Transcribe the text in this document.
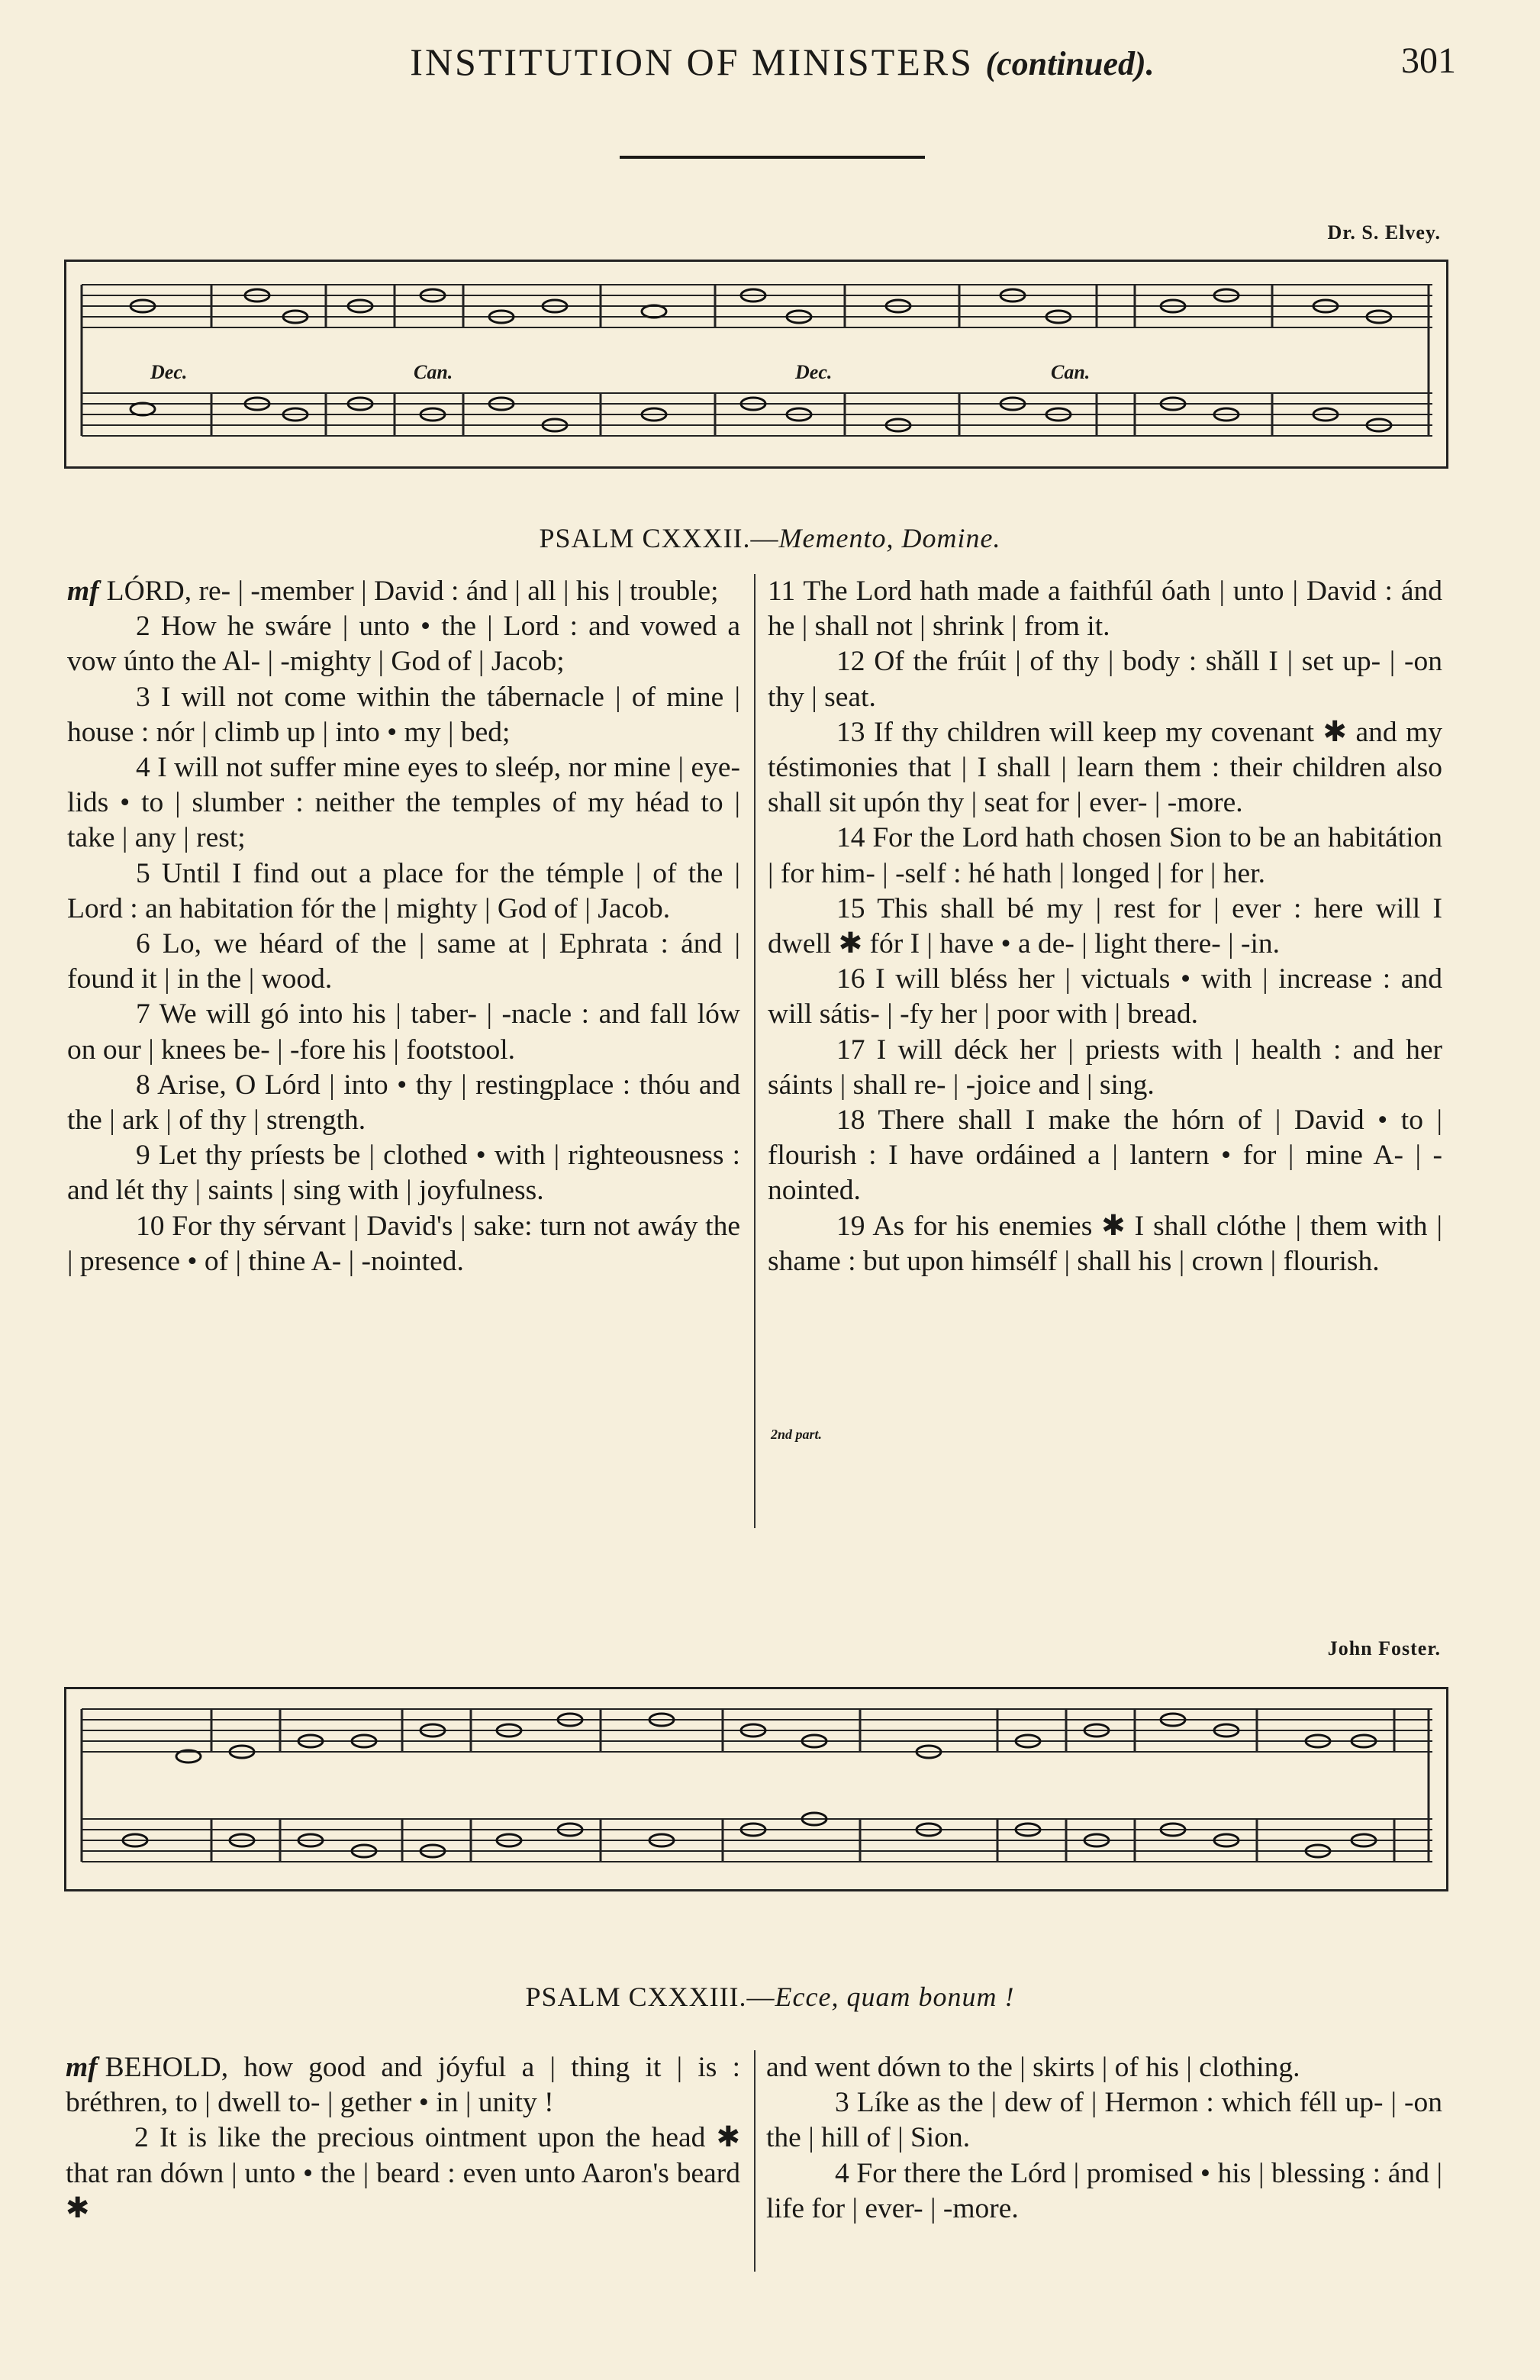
INSTITUTION OF MINISTERS (continued).	301
Dr. S. Elvey.
Dec.	Can.	Dec.	Can.
PSALM CXXXII.—Memento, Domine.

mf LÓRD, re- | -member | David : ánd | all | his | trouble;

2 How he swáre | unto • the | Lord : and vowed a vow únto the Al- | -mighty | God of | Jacob;

3 I will not come within the tábernacle | of mine | house : nór | climb up | into • my | bed;

4 I will not suffer mine eyes to sleép, nor mine | eye-lids • to | slumber : neither the temples of my héad to | take | any | rest;

5 Until I find out a place for the témple | of the | Lord : an habitation fór the | mighty | God of | Jacob.

6 Lo, we héard of the | same at | Ephrata : ánd | found it | in the | wood.

7 We will gó into his | taber- | -nacle : and fall lów on our | knees be- | -fore his | footstool.

8 Arise, O Lórd | into • thy | restingplace : thóu and the | ark | of thy | strength.

9 Let thy príests be | clothed • with | righteousness : and lét thy | saints | sing with | joyfulness.

10 For thy sérvant | David's | sake: turn not awáy the | presence • of | thine A- | -nointed.

11 The Lord hath made a faithfúl óath | unto | David : ánd he | shall not | shrink | from it.

12 Of the frúit | of thy | body : shǎll I | set up- | -on thy | seat.

13 If thy children will keep my covenant ✱ and my téstimonies that | I shall | learn them : their children also shall sit upón thy | seat for | ever- | -more.

14 For the Lord hath chosen Sion to be an habitátion | for him- | -self : hé hath | longed | for | her.

15 This shall bé my | rest for | ever : here will I dwell ✱ fór I | have • a de- | light there- | -in.

16 I will bléss her | victuals • with | increase : and will sátis- | -fy her | poor with | bread.

17 I will déck her | priests with | health : and her sáints | shall re- | -joice and | sing.

18 There shall I make the hórn of | David • to | flourish : I have ordáined a | lantern • for | mine A- | -nointed.

19 As for his enemies ✱ I shall clóthe | them with | shame : but upon himsélf | shall his | crown | flourish.

2nd part.
John Foster.
PSALM CXXXIII.—Ecce, quam bonum !

mf BEHOLD, how good and jóyful a | thing it | is : bréthren, to | dwell to- | gether • in | unity !

2 It is like the precious ointment upon the head ✱ that ran dówn | unto • the | beard : even unto Aaron's beard ✱

and went dówn to the | skirts | of his | clothing.

3 Líke as the | dew of | Hermon : which féll up- | -on the | hill of | Sion.

4 For there the Lórd | promised • his | blessing : ánd | life for | ever- | -more.
